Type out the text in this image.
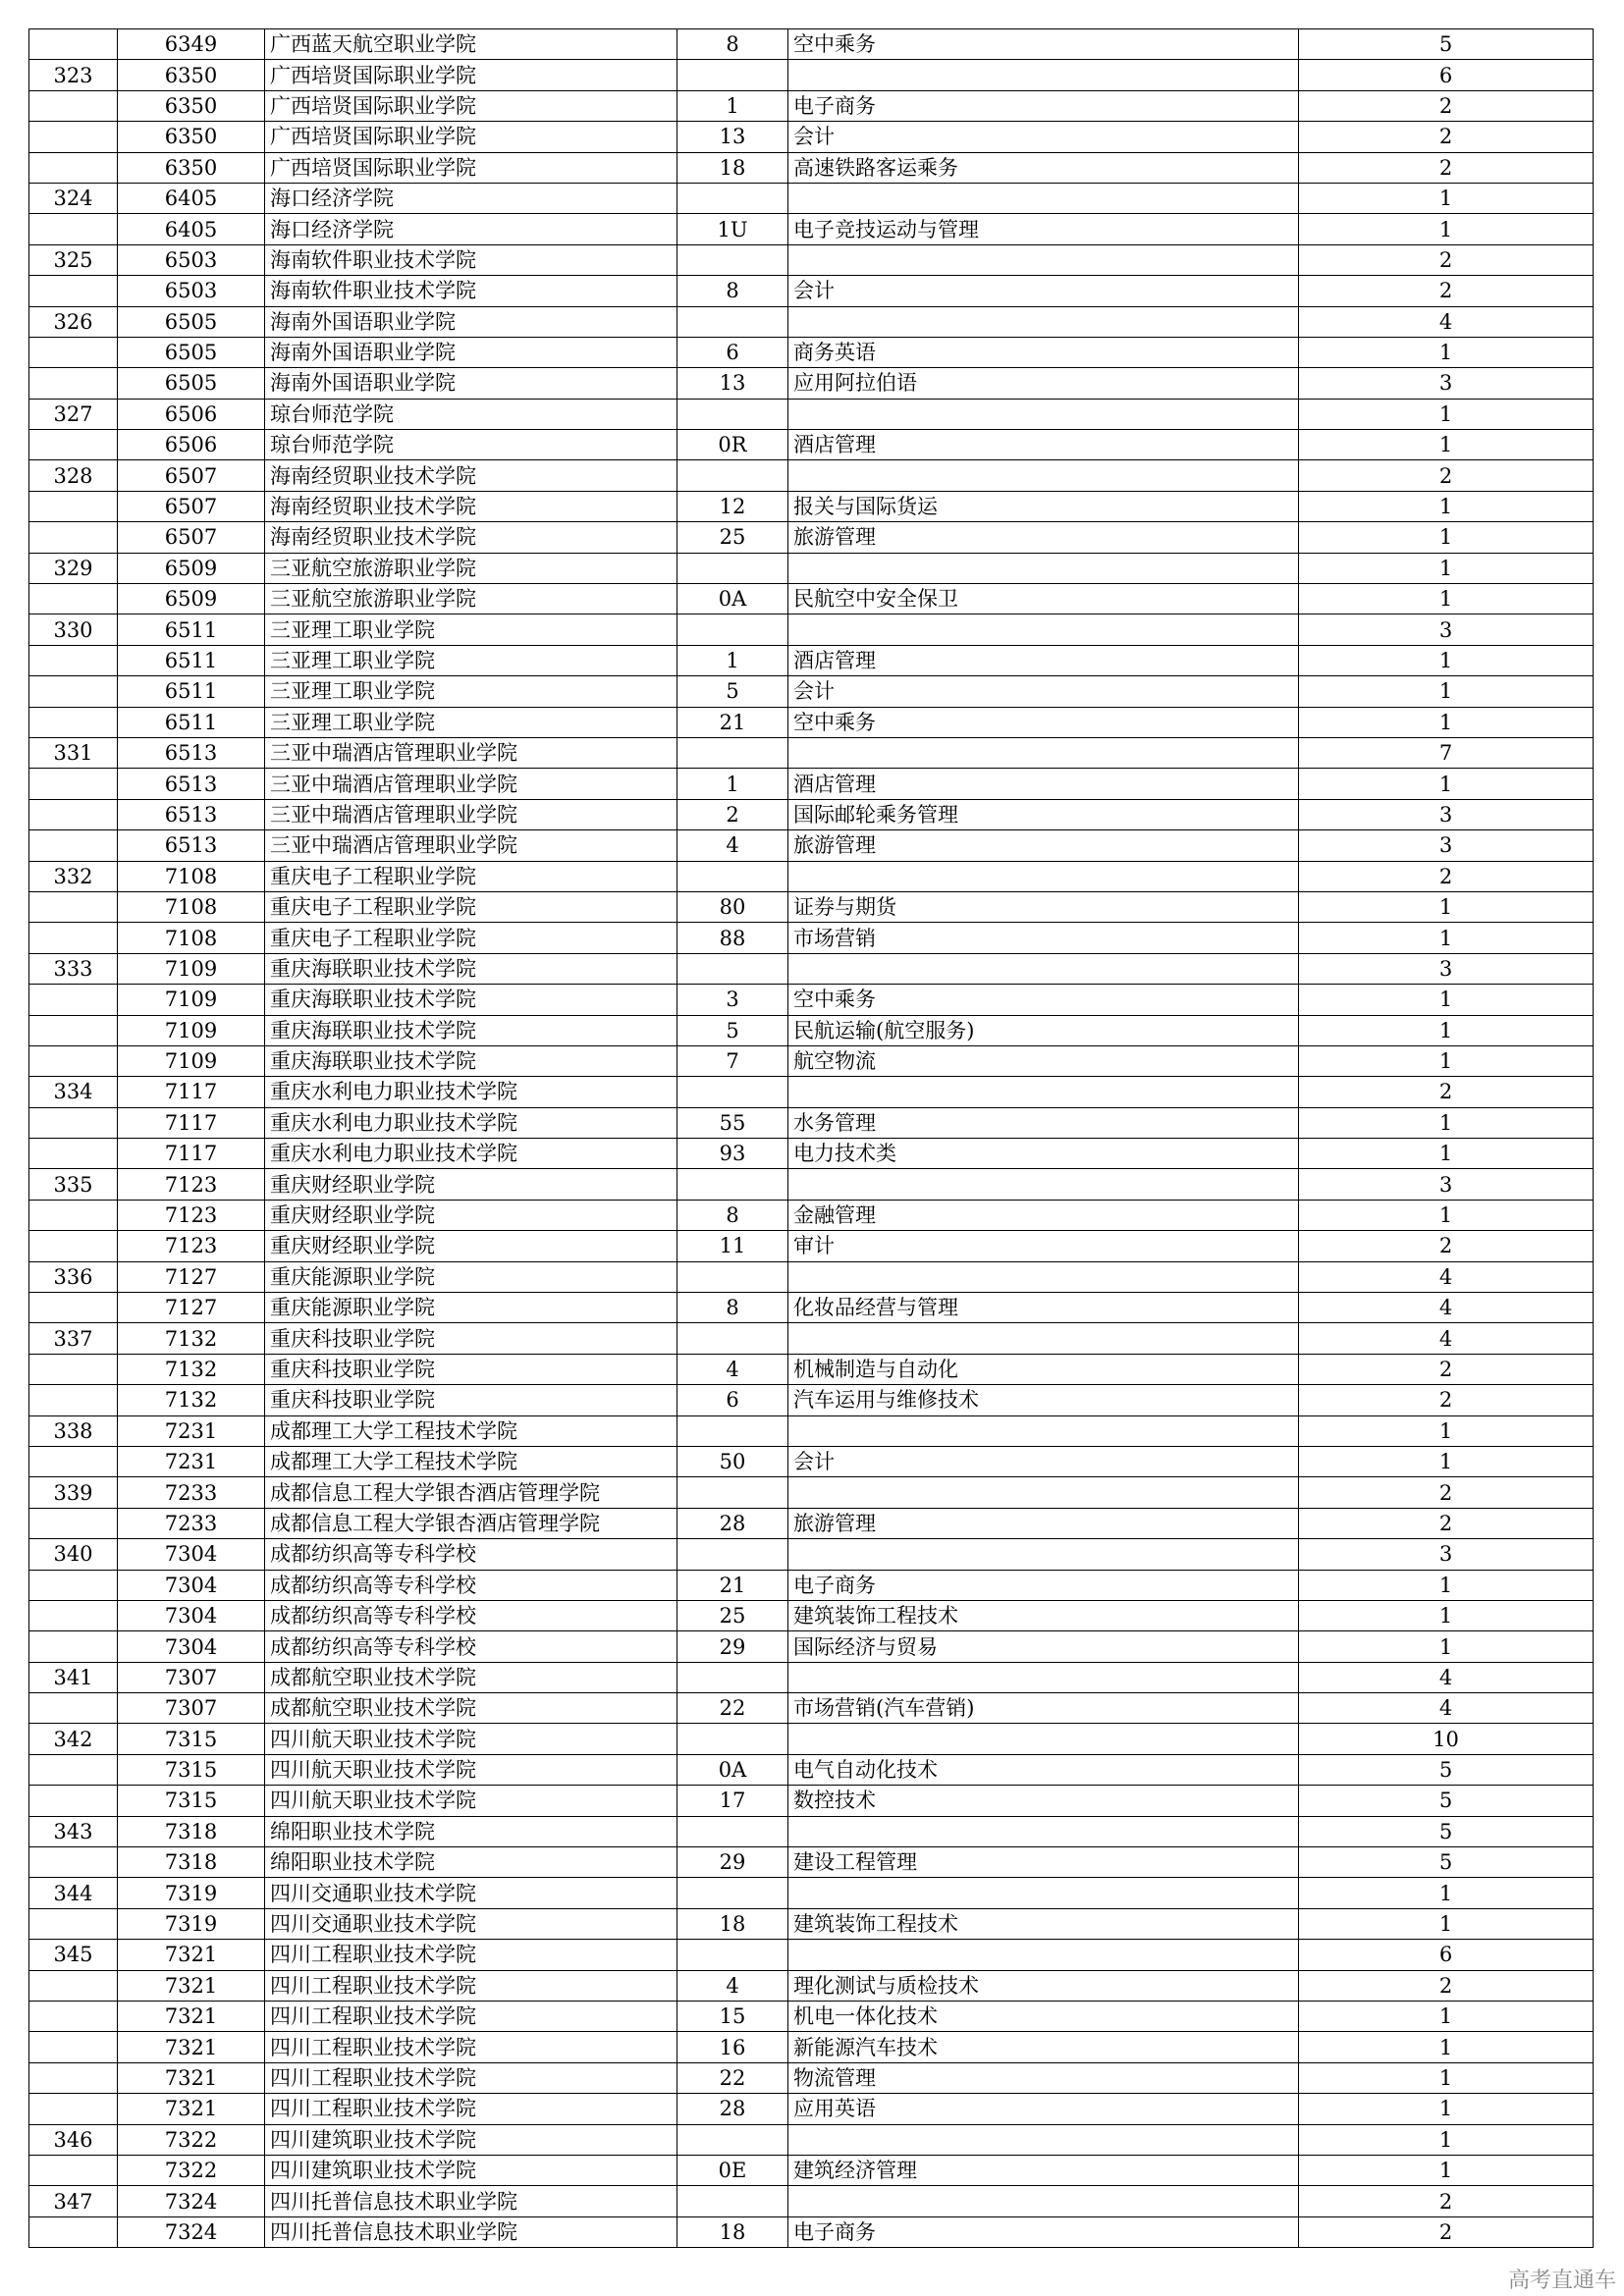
	6349	广西蓝天航空职业学院	8	空中乘务	5
323	6350	广西培贤国际职业学院			6
	6350	广西培贤国际职业学院	1	电子商务	2
	6350	广西培贤国际职业学院	13	会计	2
	6350	广西培贤国际职业学院	18	高速铁路客运乘务	2
324	6405	海口经济学院			1
	6405	海口经济学院	1U	电子竞技运动与管理	1
325	6503	海南软件职业技术学院			2
	6503	海南软件职业技术学院	8	会计	2
326	6505	海南外国语职业学院			4
	6505	海南外国语职业学院	6	商务英语	1
	6505	海南外国语职业学院	13	应用阿拉伯语	3
327	6506	琼台师范学院			1
	6506	琼台师范学院	0R	酒店管理	1
328	6507	海南经贸职业技术学院			2
	6507	海南经贸职业技术学院	12	报关与国际货运	1
	6507	海南经贸职业技术学院	25	旅游管理	1
329	6509	三亚航空旅游职业学院			1
	6509	三亚航空旅游职业学院	0A	民航空中安全保卫	1
330	6511	三亚理工职业学院			3
	6511	三亚理工职业学院	1	酒店管理	1
	6511	三亚理工职业学院	5	会计	1
	6511	三亚理工职业学院	21	空中乘务	1
331	6513	三亚中瑞酒店管理职业学院			7
	6513	三亚中瑞酒店管理职业学院	1	酒店管理	1
	6513	三亚中瑞酒店管理职业学院	2	国际邮轮乘务管理	3
	6513	三亚中瑞酒店管理职业学院	4	旅游管理	3
332	7108	重庆电子工程职业学院			2
	7108	重庆电子工程职业学院	80	证券与期货	1
	7108	重庆电子工程职业学院	88	市场营销	1
333	7109	重庆海联职业技术学院			3
	7109	重庆海联职业技术学院	3	空中乘务	1
	7109	重庆海联职业技术学院	5	民航运输(航空服务)	1
	7109	重庆海联职业技术学院	7	航空物流	1
334	7117	重庆水利电力职业技术学院			2
	7117	重庆水利电力职业技术学院	55	水务管理	1
	7117	重庆水利电力职业技术学院	93	电力技术类	1
335	7123	重庆财经职业学院			3
	7123	重庆财经职业学院	8	金融管理	1
	7123	重庆财经职业学院	11	审计	2
336	7127	重庆能源职业学院			4
	7127	重庆能源职业学院	8	化妆品经营与管理	4
337	7132	重庆科技职业学院			4
	7132	重庆科技职业学院	4	机械制造与自动化	2
	7132	重庆科技职业学院	6	汽车运用与维修技术	2
338	7231	成都理工大学工程技术学院			1
	7231	成都理工大学工程技术学院	50	会计	1
339	7233	成都信息工程大学银杏酒店管理学院			2
	7233	成都信息工程大学银杏酒店管理学院	28	旅游管理	2
340	7304	成都纺织高等专科学校			3
	7304	成都纺织高等专科学校	21	电子商务	1
	7304	成都纺织高等专科学校	25	建筑装饰工程技术	1
	7304	成都纺织高等专科学校	29	国际经济与贸易	1
341	7307	成都航空职业技术学院			4
	7307	成都航空职业技术学院	22	市场营销(汽车营销)	4
342	7315	四川航天职业技术学院			10
	7315	四川航天职业技术学院	0A	电气自动化技术	5
	7315	四川航天职业技术学院	17	数控技术	5
343	7318	绵阳职业技术学院			5
	7318	绵阳职业技术学院	29	建设工程管理	5
344	7319	四川交通职业技术学院			1
	7319	四川交通职业技术学院	18	建筑装饰工程技术	1
345	7321	四川工程职业技术学院			6
	7321	四川工程职业技术学院	4	理化测试与质检技术	2
	7321	四川工程职业技术学院	15	机电一体化技术	1
	7321	四川工程职业技术学院	16	新能源汽车技术	1
	7321	四川工程职业技术学院	22	物流管理	1
	7321	四川工程职业技术学院	28	应用英语	1
346	7322	四川建筑职业技术学院			1
	7322	四川建筑职业技术学院	0E	建筑经济管理	1
347	7324	四川托普信息技术职业学院			2
	7324	四川托普信息技术职业学院	18	电子商务	2
高考直通车
